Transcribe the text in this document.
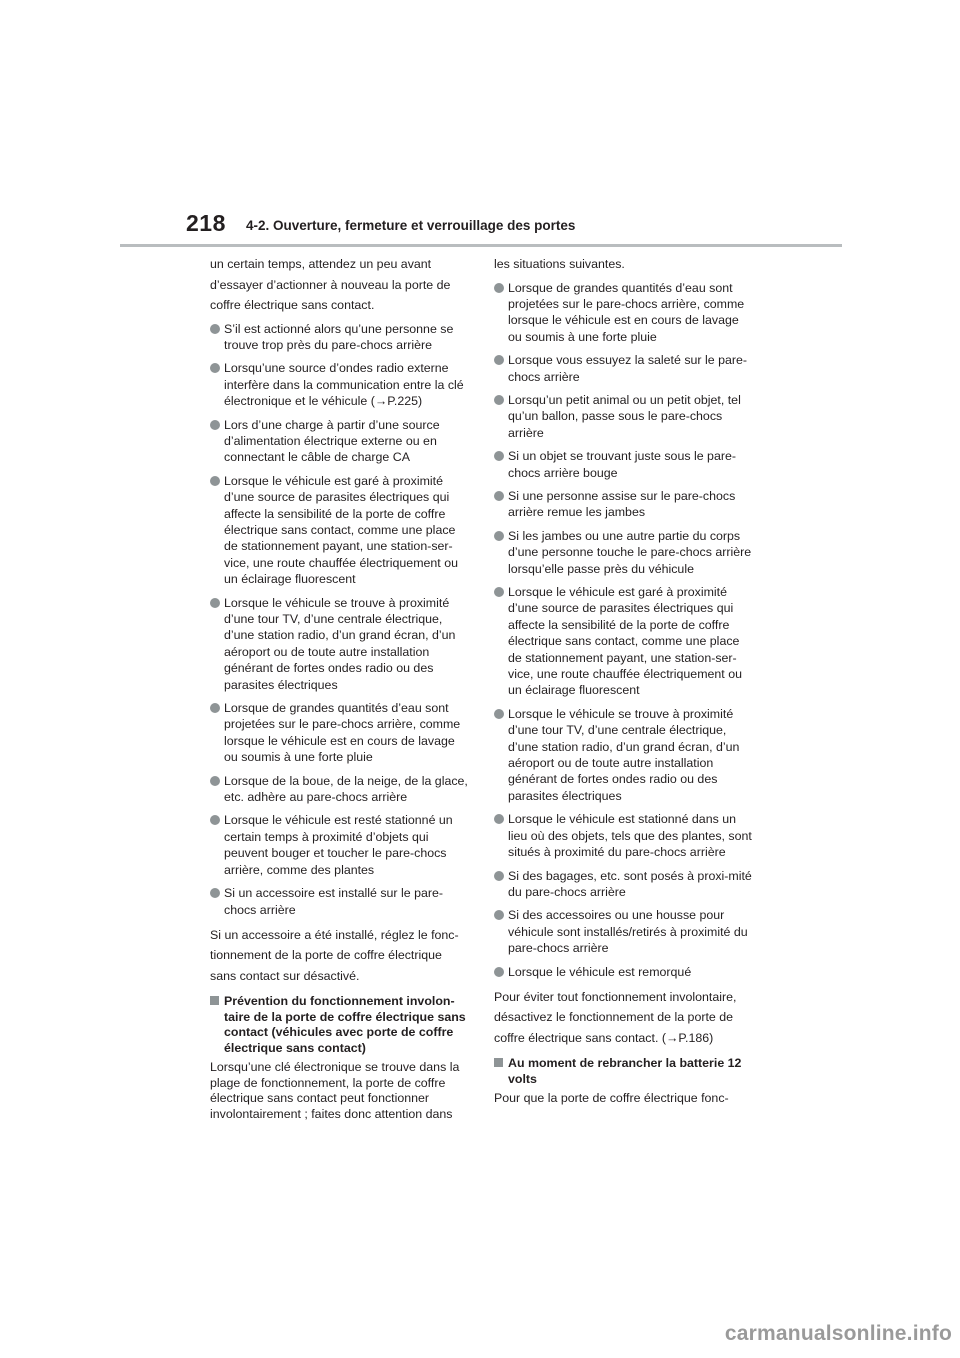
218 4-2. Ouverture, fermeture et verrouillage des portes

un certain temps, attendez un peu avant d’essayer d’actionner à nouveau la porte de coffre électrique sans contact.

S’il est actionné alors qu’une personne se trouve trop près du pare-chocs arrière
Lorsqu’une source d’ondes radio externe interfère dans la communication entre la clé électronique et le véhicule (→P.225)
Lors d’une charge à partir d’une source d’alimentation électrique externe ou en connectant le câble de charge CA
Lorsque le véhicule est garé à proximité d’une source de parasites électriques qui affecte la sensibilité de la porte de coffre électrique sans contact, comme une place de stationnement payant, une station-ser-vice, une route chauffée électriquement ou un éclairage fluorescent
Lorsque le véhicule se trouve à proximité d’une tour TV, d’une centrale électrique, d’une station radio, d’un grand écran, d’un aéroport ou de toute autre installation générant de fortes ondes radio ou des parasites électriques
Lorsque de grandes quantités d’eau sont projetées sur le pare-chocs arrière, comme lorsque le véhicule est en cours de lavage ou soumis à une forte pluie
Lorsque de la boue, de la neige, de la glace, etc. adhère au pare-chocs arrière
Lorsque le véhicule est resté stationné un certain temps à proximité d’objets qui peuvent bouger et toucher le pare-chocs arrière, comme des plantes
Si un accessoire est installé sur le pare-chocs arrière

Si un accessoire a été installé, réglez le fonc-tionnement de la porte de coffre électrique sans contact sur désactivé.

Prévention du fonctionnement involon-taire de la porte de coffre électrique sans contact (véhicules avec porte de coffre électrique sans contact)

Lorsqu’une clé électronique se trouve dans la plage de fonctionnement, la porte de coffre électrique sans contact peut fonctionner involontairement ; faites donc attention dans

les situations suivantes.

Lorsque de grandes quantités d’eau sont projetées sur le pare-chocs arrière, comme lorsque le véhicule est en cours de lavage ou soumis à une forte pluie
Lorsque vous essuyez la saleté sur le pare-chocs arrière
Lorsqu’un petit animal ou un petit objet, tel qu’un ballon, passe sous le pare-chocs arrière
Si un objet se trouvant juste sous le pare-chocs arrière bouge
Si une personne assise sur le pare-chocs arrière remue les jambes
Si les jambes ou une autre partie du corps d’une personne touche le pare-chocs arrière lorsqu’elle passe près du véhicule
Lorsque le véhicule est garé à proximité d’une source de parasites électriques qui affecte la sensibilité de la porte de coffre électrique sans contact, comme une place de stationnement payant, une station-ser-vice, une route chauffée électriquement ou un éclairage fluorescent
Lorsque le véhicule se trouve à proximité d’une tour TV, d’une centrale électrique, d’une station radio, d’un grand écran, d’un aéroport ou de toute autre installation générant de fortes ondes radio ou des parasites électriques
Lorsque le véhicule est stationné dans un lieu où des objets, tels que des plantes, sont situés à proximité du pare-chocs arrière
Si des bagages, etc. sont posés à proxi-mité du pare-chocs arrière
Si des accessoires ou une housse pour véhicule sont installés/retirés à proximité du pare-chocs arrière
Lorsque le véhicule est remorqué

Pour éviter tout fonctionnement involontaire, désactivez le fonctionnement de la porte de coffre électrique sans contact. (→P.186)

Au moment de rebrancher la batterie 12 volts

Pour que la porte de coffre électrique fonc-

carmanualsonline.info
